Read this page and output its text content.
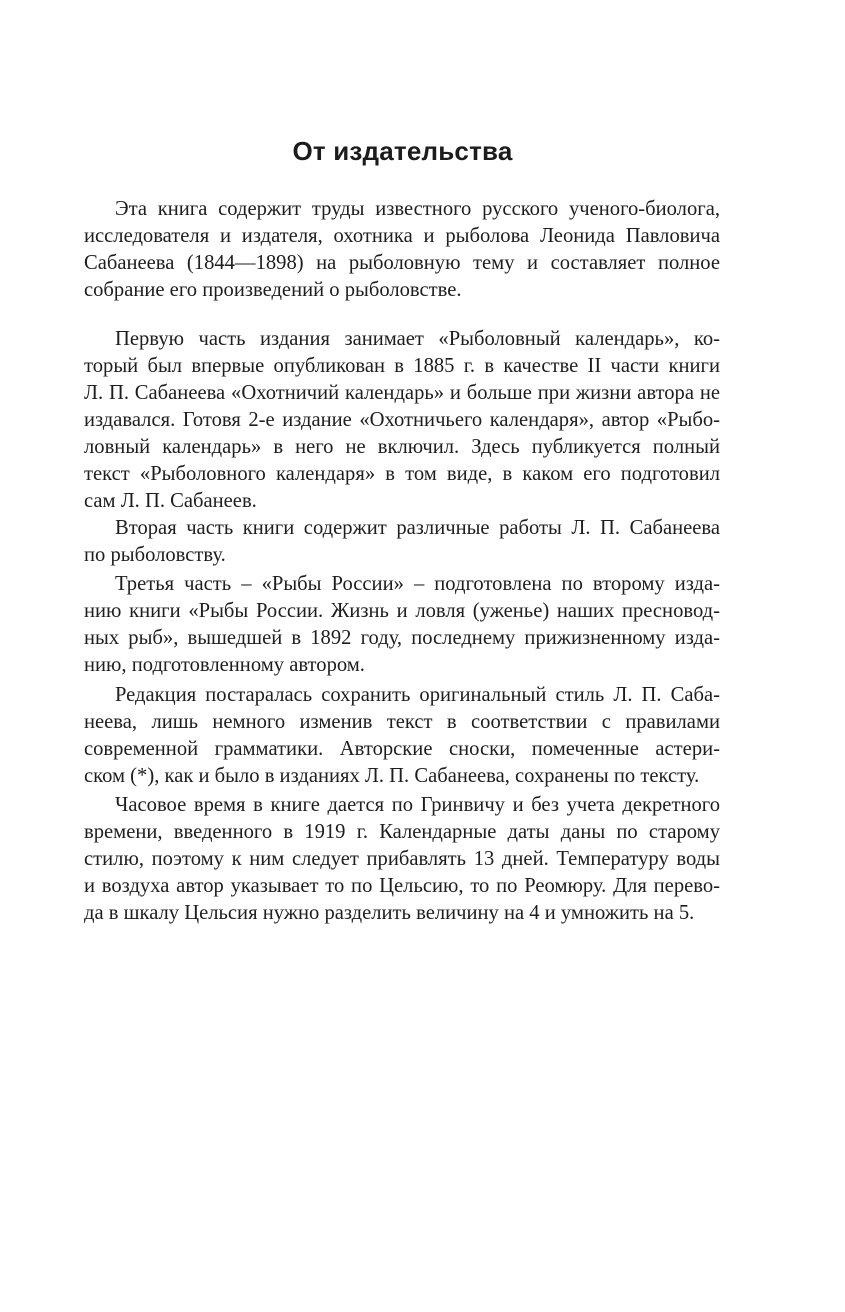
От издательства
Эта книга содержит труды известного русского ученого-биолога,
исследователя и издателя, охотника и рыболова Леонида Павловича
Сабанеева (1844—1898) на рыболовную тему и составляет полное
собрание его произведений о рыболовстве.
Первую часть издания занимает «Рыболовный календарь», ко-
торый был впервые опубликован в 1885 г. в качестве II части книги
Л. П. Сабанеева «Охотничий календарь» и больше при жизни автора не
издавался. Готовя 2-е издание «Охотничьего календаря», автор «Рыбо-
ловный календарь» в него не включил. Здесь публикуется полный
текст «Рыболовного календаря» в том виде, в каком его подготовил
сам Л. П. Сабанеев.
Вторая часть книги содержит различные работы Л. П. Сабанеева
по рыболовству.
Третья часть – «Рыбы России» – подготовлена по второму изда-
нию книги «Рыбы России. Жизнь и ловля (уженье) наших пресновод-
ных рыб», вышедшей в 1892 году, последнему прижизненному изда-
нию, подготовленному автором.
Редакция постаралась сохранить оригинальный стиль Л. П. Саба-
неева, лишь немного изменив текст в соответствии с правилами
современной грамматики. Авторские сноски, помеченные астери-
ском (*), как и было в изданиях Л. П. Сабанеева, сохранены по тексту.
Часовое время в книге дается по Гринвичу и без учета декретного
времени, введенного в 1919 г. Календарные даты даны по старому
стилю, поэтому к ним следует прибавлять 13 дней. Температуру воды
и воздуха автор указывает то по Цельсию, то по Реомюру. Для перево-
да в шкалу Цельсия нужно разделить величину на 4 и умножить на 5.
